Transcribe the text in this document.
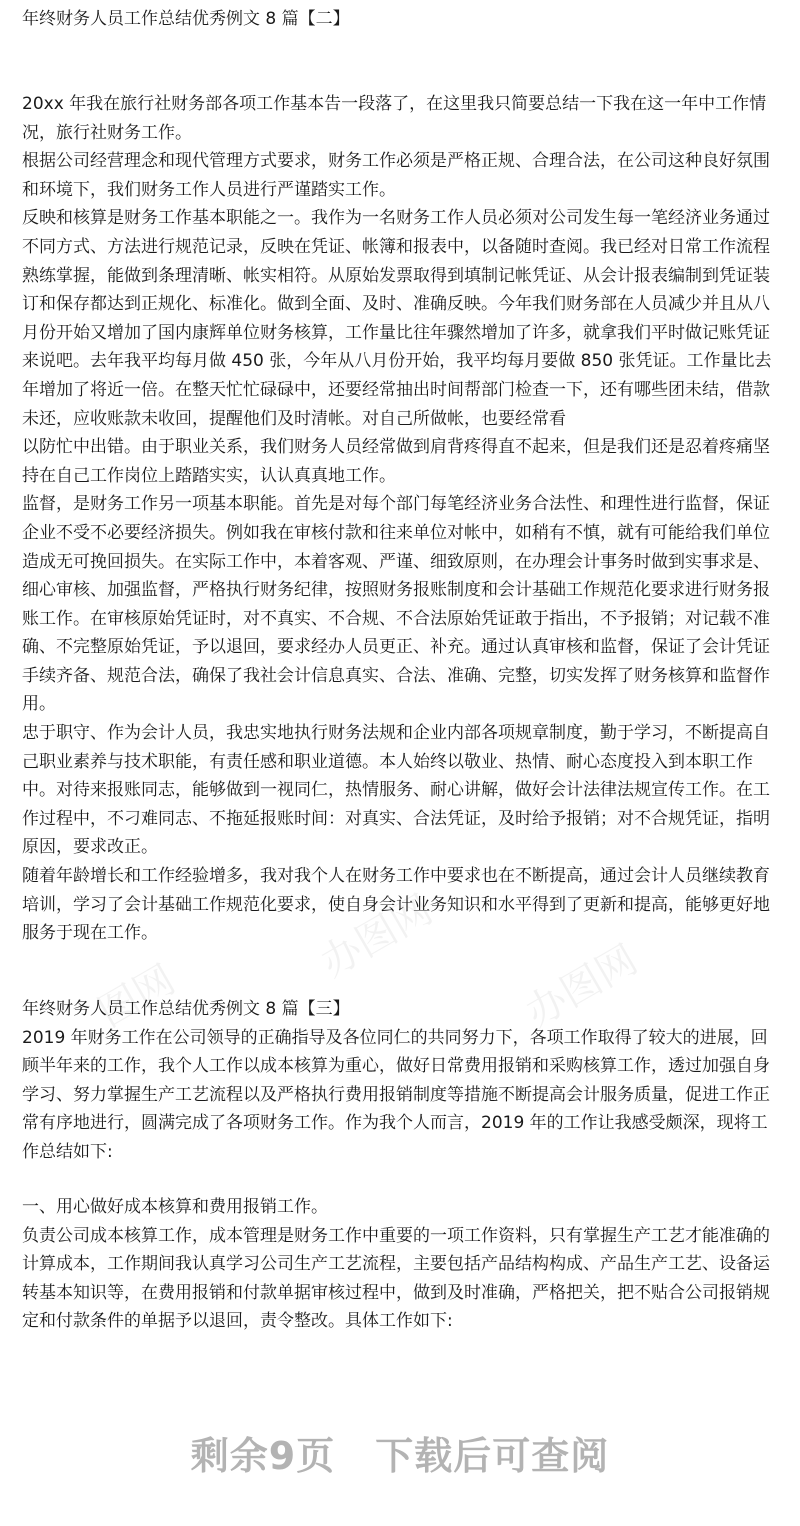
年终财务人员工作总结优秀例文 8 篇【二】

20xx 年我在旅行社财务部各项工作基本告一段落了，在这里我只简要总结一下我在这一年中工作情况，旅行社财务工作。

根据公司经营理念和现代管理方式要求，财务工作必须是严格正规、合理合法，在公司这种良好氛围和环境下，我们财务工作人员进行严谨踏实工作。

反映和核算是财务工作基本职能之一。我作为一名财务工作人员必须对公司发生每一笔经济业务通过不同方式、方法进行规范记录，反映在凭证、帐簿和报表中，以备随时查阅。我已经对日常工作流程熟练掌握，能做到条理清晰、帐实相符。从原始发票取得到填制记帐凭证、从会计报表编制到凭证装订和保存都达到正规化、标准化。做到全面、及时、准确反映。今年我们财务部在人员减少并且从八月份开始又增加了国内康辉单位财务核算，工作量比往年骤然增加了许多，就拿我们平时做记账凭证来说吧。去年我平均每月做 450 张，今年从八月份开始，我平均每月要做 850 张凭证。工作量比去年增加了将近一倍。在整天忙忙碌碌中，还要经常抽出时间帮部门检查一下，还有哪些团未结，借款未还，应收账款未收回，提醒他们及时清帐。对自己所做帐，也要经常看

以防忙中出错。由于职业关系，我们财务人员经常做到肩背疼得直不起来，但是我们还是忍着疼痛坚持在自己工作岗位上踏踏实实，认认真真地工作。

监督，是财务工作另一项基本职能。首先是对每个部门每笔经济业务合法性、和理性进行监督，保证企业不受不必要经济损失。例如我在审核付款和往来单位对帐中，如稍有不慎，就有可能给我们单位造成无可挽回损失。在实际工作中，本着客观、严谨、细致原则，在办理会计事务时做到实事求是、细心审核、加强监督，严格执行财务纪律，按照财务报账制度和会计基础工作规范化要求进行财务报账工作。在审核原始凭证时，对不真实、不合规、不合法原始凭证敢于指出，不予报销；对记载不准确、不完整原始凭证，予以退回，要求经办人员更正、补充。通过认真审核和监督，保证了会计凭证手续齐备、规范合法，确保了我社会计信息真实、合法、准确、完整，切实发挥了财务核算和监督作用。

忠于职守、作为会计人员，我忠实地执行财务法规和企业内部各项规章制度，勤于学习，不断提高自己职业素养与技术职能，有责任感和职业道德。本人始终以敬业、热情、耐心态度投入到本职工作中。对待来报账同志，能够做到一视同仁，热情服务、耐心讲解，做好会计法律法规宣传工作。在工作过程中，不刁难同志、不拖延报账时间：对真实、合法凭证，及时给予报销；对不合规凭证，指明原因，要求改正。

随着年龄增长和工作经验增多，我对我个人在财务工作中要求也在不断提高，通过会计人员继续教育培训，学习了会计基础工作规范化要求，使自身会计业务知识和水平得到了更新和提高，能够更好地服务于现在工作。

年终财务人员工作总结优秀例文 8 篇【三】

2019 年财务工作在公司领导的正确指导及各位同仁的共同努力下，各项工作取得了较大的进展，回顾半年来的工作，我个人工作以成本核算为重心，做好日常费用报销和采购核算工作，透过加强自身学习、努力掌握生产工艺流程以及严格执行费用报销制度等措施不断提高会计服务质量，促进工作正常有序地进行，圆满完成了各项财务工作。作为我个人而言，2019 年的工作让我感受颇深，现将工作总结如下:

一、用心做好成本核算和费用报销工作。

负责公司成本核算工作，成本管理是财务工作中重要的一项工作资料，只有掌握生产工艺才能准确的计算成本，工作期间我认真学习公司生产工艺流程，主要包括产品结构构成、产品生产工艺、设备运转基本知识等，在费用报销和付款单据审核过程中，做到及时准确，严格把关，把不贴合公司报销规定和付款条件的单据予以退回，责令整改。具体工作如下:

图网	办图网
办图网
剩余9页 下载后可查阅
